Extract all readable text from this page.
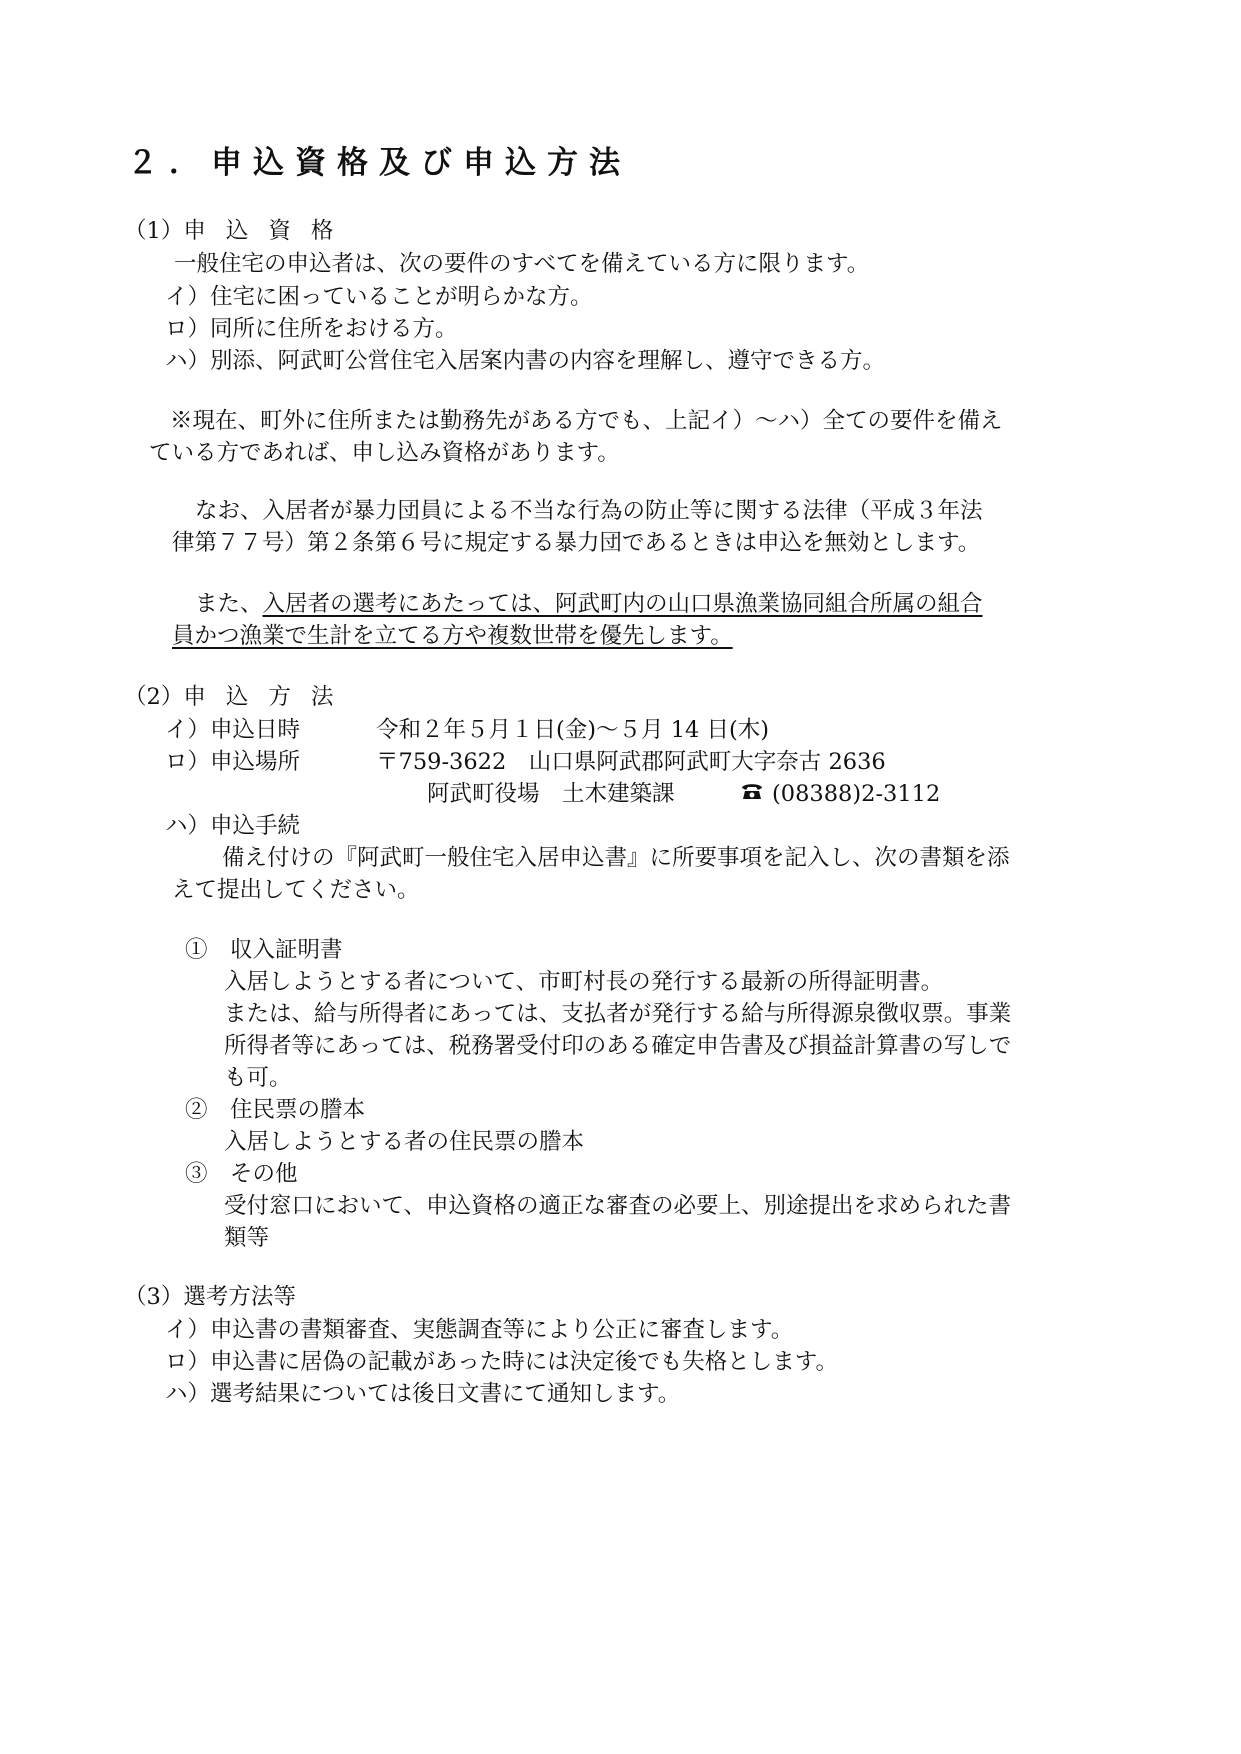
２．申込資格及び申込方法
（1）申込資格
一般住宅の申込者は、次の要件のすべてを備えている方に限ります。
イ）住宅に困っていることが明らかな方。
ロ）同所に住所をおける方。
ハ）別添、阿武町公営住宅入居案内書の内容を理解し、遵守できる方。
※現在、町外に住所または勤務先がある方でも、上記イ）～ハ）全ての要件を備え
ている方であれば、申し込み資格があります。
なお、入居者が暴力団員による不当な行為の防止等に関する法律（平成３年法
律第７７号）第２条第６号に規定する暴力団であるときは申込を無効とします。
また、入居者の選考にあたっては、阿武町内の山口県漁業協同組合所属の組合
員かつ漁業で生計を立てる方や複数世帯を優先します。
（2）申込方法
イ）申込日時	令和２年５月１日(金)～５月 14 日(木)
ロ）申込場所	〒759-3622　山口県阿武郡阿武町大字奈古 2636
阿武町役場　土木建築課	(08388)2-3112
ハ）申込手続
備え付けの『阿武町一般住宅入居申込書』に所要事項を記入し、次の書類を添
えて提出してください。
①　収入証明書
入居しようとする者について、市町村長の発行する最新の所得証明書。
または、給与所得者にあっては、支払者が発行する給与所得源泉徴収票。事業
所得者等にあっては、税務署受付印のある確定申告書及び損益計算書の写しで
も可。
②　住民票の謄本
入居しようとする者の住民票の謄本
③　その他
受付窓口において、申込資格の適正な審査の必要上、別途提出を求められた書
類等
（3）選考方法等
イ）申込書の書類審査、実態調査等により公正に審査します。
ロ）申込書に居偽の記載があった時には決定後でも失格とします。
ハ）選考結果については後日文書にて通知します。
